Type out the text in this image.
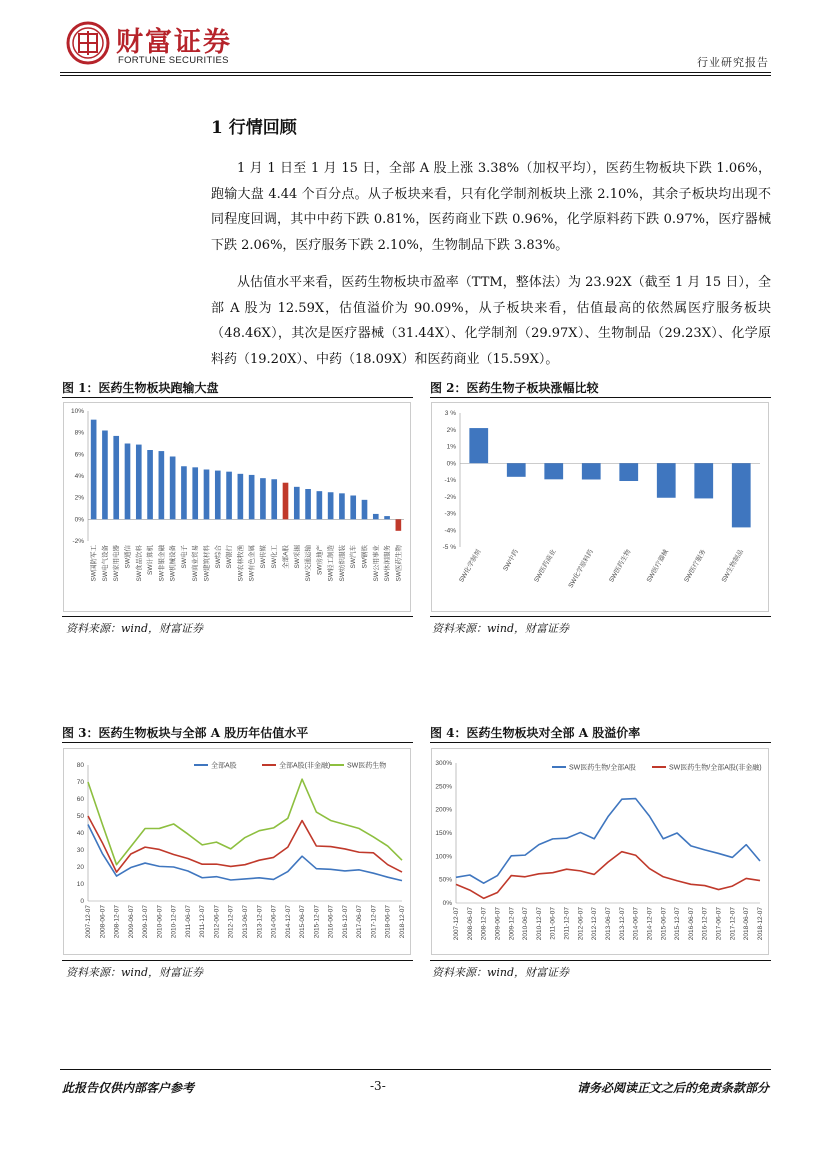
财富证券
FORTUNE SECURITIES	行业研究报告
1 行情回顾

1 月 1 日至 1 月 15 日，全部 A 股上涨 3.38%（加权平均），医药生物板块下跌 1.06%，跑输大盘 4.44 个百分点。从子板块来看，只有化学制剂板块上涨 2.10%，其余子板块均出现不同程度回调，其中中药下跌 0.81%，医药商业下跌 0.96%，化学原料药下跌 0.97%，医疗器械下跌 2.06%，医疗服务下跌 2.10%，生物制品下跌 3.83%。

从估值水平来看，医药生物板块市盈率（TTM，整体法）为 23.92X（截至 1 月 15 日），全部 A 股为 12.59X，估值溢价为 90.09%，从子板块来看，估值最高的依然属医疗服务板块（48.46X），其次是医疗器械（31.44X）、化学制剂（29.97X）、生物制品（29.23X）、化学原料药（19.20X）、中药（18.09X）和医药商业（15.59X）。

图 1：医药生物板块跑输大盘
-2%
0%
2%
4%
6%
8%
10%
SW国防军工 SW电气设备 SW家用电器 SW通信 SW食品饮料 SW计算机 SW非银金融 SW机械设备 SW电子 SW商业贸易 SW建筑材料 SW综合 SW银行 SW农林牧渔 SW有色金属 SW传媒 SW化工 全部A股 SW采掘 SW交通运输 SW房地产 SW轻工制造 SW纺织服装 SW汽车 SW钢铁 SW公用事业 SW休闲服务 SW医药生物
资料来源：wind，财富证券
图 2：医药生物子板块涨幅比较
-5 %
-4%
-3%
-2%
-1%
0%
1%
2%
3 %
SW化学制剂	SW中药 SW医药商业 SW化学原料药 SW医药生物 SW医疗器械 SW医疗服务 SW生物制品
资料来源：wind，财富证券
图 3：医药生物板块与全部 A 股历年估值水平
0
10
20
30
40
50
60
70
80
2007-12-07 2008-06-07 2008-12-07 2009-06-07 2009-12-07 2010-06-07 2010-12-07 2011-06-07 2011-12-07 2012-06-07 2012-12-07 2013-06-07 2013-12-07 2014-06-07 2014-12-07 2015-06-07 2015-12-07 2016-06-07 2016-12-07 2017-06-07 2017-12-07 2018-06-07 2018-12-07
全部A股	全部A股(非金融) SW医药生物
资料来源：wind，财富证券
图 4：医药生物板块对全部 A 股溢价率
0%
50%
100%
150%
200%
250%
300%
2007-12-07 2008-06-07 2008-12-07 2009-06-07 2009-12-07 2010-06-07 2010-12-07 2011-06-07 2011-12-07 2012-06-07 2012-12-07 2013-06-07 2013-12-07 2014-06-07 2014-12-07 2015-06-07 2015-12-07 2016-06-07 2016-12-07 2017-06-07 2017-12-07 2018-06-07 2018-12-07
SW医药生物/全部A股	SW医药生物/全部A股(非金融)
资料来源：wind，财富证券
此报告仅供内部客户参考	-3-	请务必阅读正文之后的免责条款部分
